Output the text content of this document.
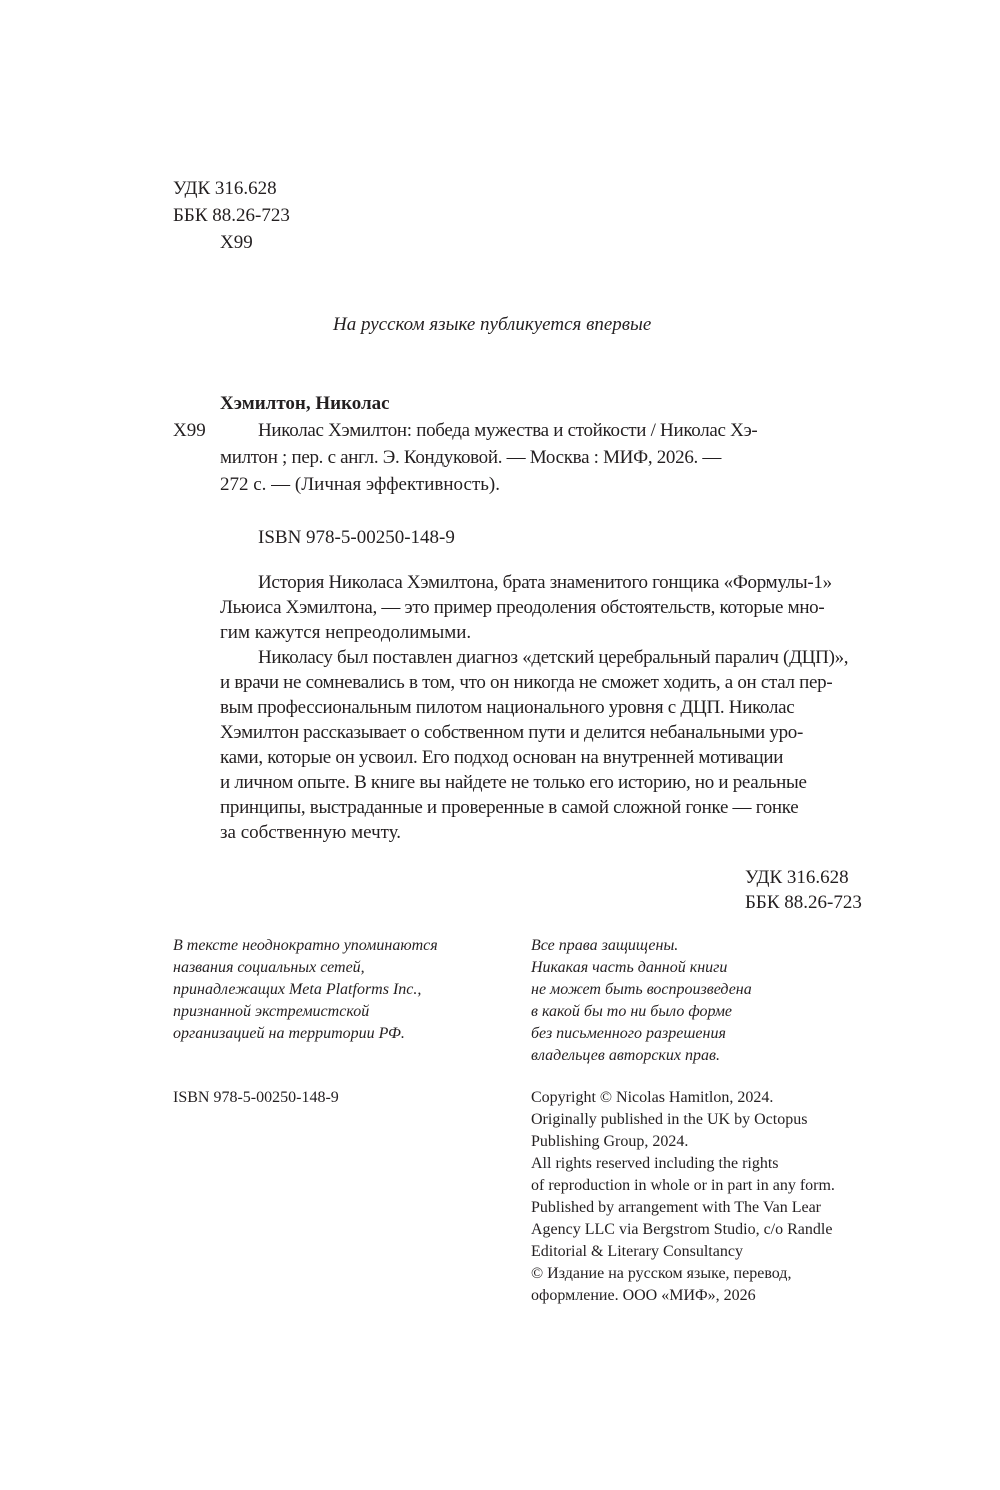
УДК 316.628
ББК 88.26-723
Х99
На русском языке публикуется впервые
Хэмилтон, Николас
Х99	Николас Хэмилтон: победа мужества и стойкости / Николас Хэ-
милтон ; пер. с англ. Э. Кондуковой. — Москва : МИФ, 2026. —
272 с. — (Личная эффективность).
ISBN 978-5-00250-148-9
История Николаса Хэмилтона, брата знаменитого гонщика «Формулы-1»
Льюиса Хэмилтона, — это пример преодоления обстоятельств, которые мно-
гим кажутся непреодолимыми.
Николасу был поставлен диагноз «детский церебральный паралич (ДЦП)»,
и врачи не сомневались в том, что он никогда не сможет ходить, а он стал пер-
вым профессиональным пилотом национального уровня с ДЦП. Николас
Хэмилтон рассказывает о собственном пути и делится небанальными уро-
ками, которые он усвоил. Его подход основан на внутренней мотивации
и личном опыте. В книге вы найдете не только его историю, но и реальные
принципы, выстраданные и проверенные в самой сложной гонке — гонке
за собственную мечту.
УДК 316.628
ББК 88.26-723
В тексте неоднократно упоминаются
названия социальных сетей,
принадлежащих Meta Platforms Inc.,
признанной экстремистской
организацией на территории РФ.
Все права защищены.
Никакая часть данной книги
не может быть воспроизведена
в какой бы то ни было форме
без письменного разрешения
владельцев авторских прав.
ISBN 978-5-00250-148-9	Copyright © Nicolas Hamitlon, 2024.
Originally published in the UK by Octopus
Publishing Group, 2024.
All rights reserved including the rights
of reproduction in whole or in part in any form.
Published by arrangement with The Van Lear
Agency LLC via Bergstrom Studio, c/o Randle
Editorial & Literary Consultancy
© Издание на русском языке, перевод,
оформление. ООО «МИФ», 2026
